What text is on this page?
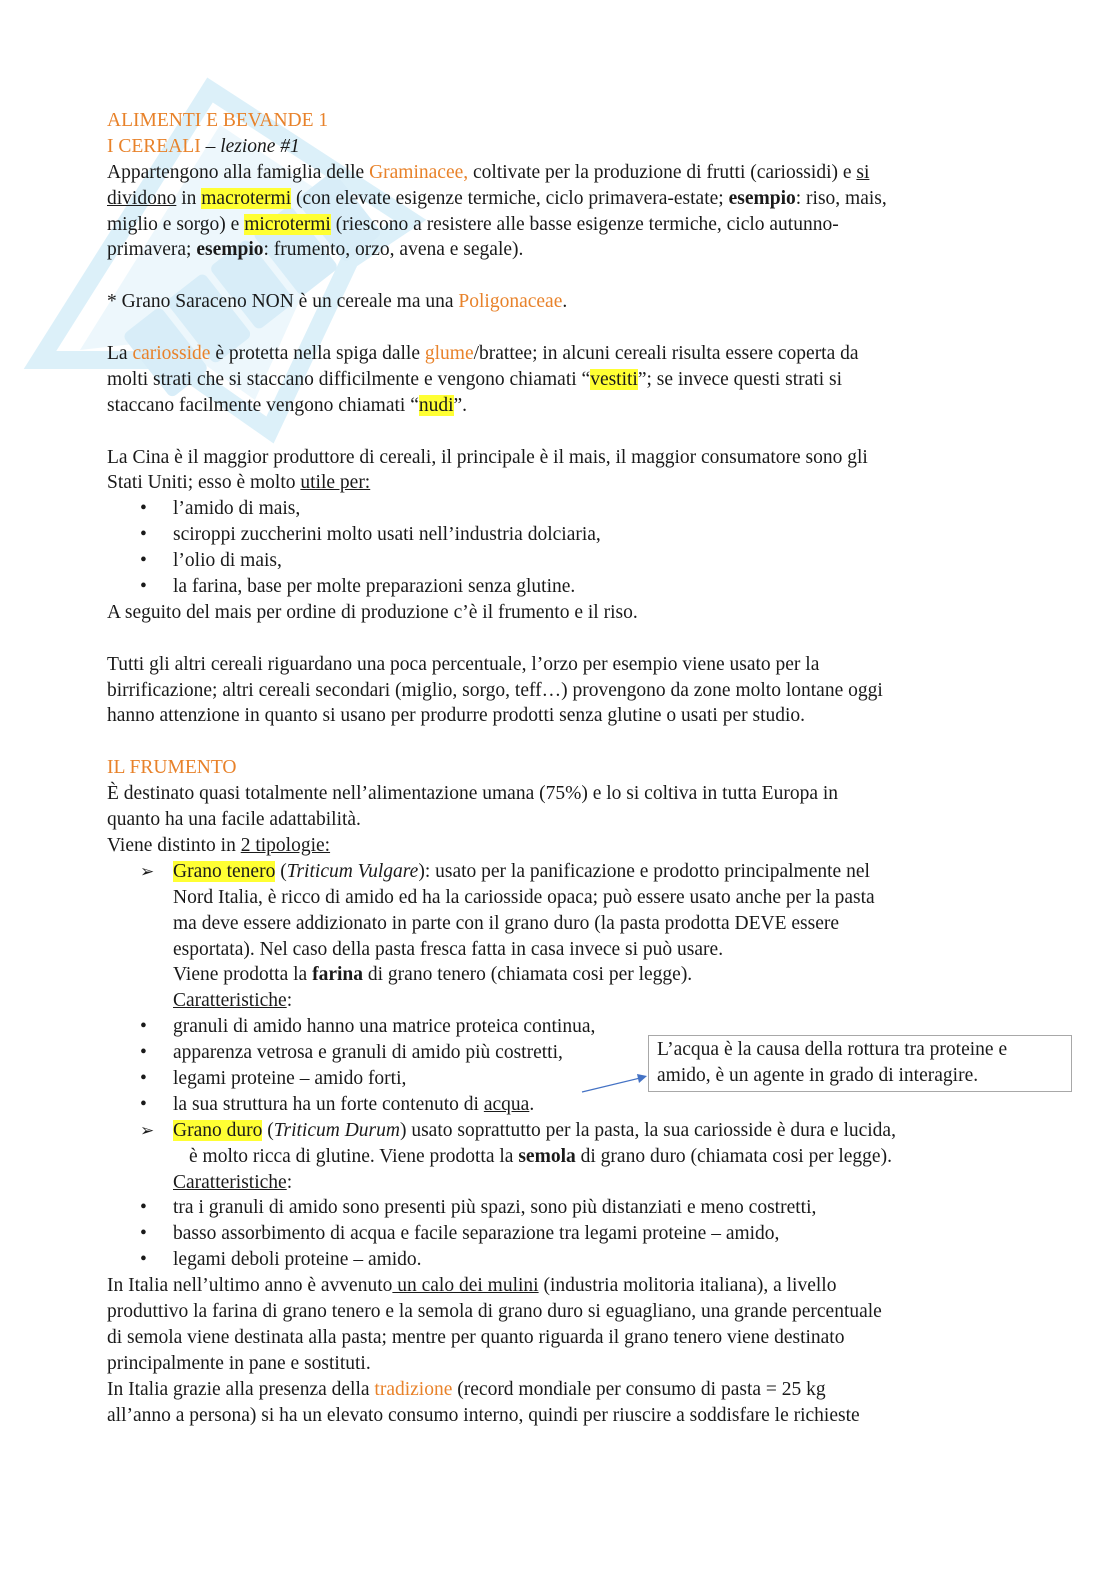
ALIMENTI E BEVANDE 1
I CEREALI – lezione #1
Appartengono alla famiglia delle Graminacee, coltivate per la produzione di frutti (cariossidi) e si
dividono in macrotermi (con elevate esigenze termiche, ciclo primavera-estate; esempio: riso, mais,
miglio e sorgo) e microtermi (riescono a resistere alle basse esigenze termiche, ciclo autunno-
primavera; esempio: frumento, orzo, avena e segale).
* Grano Saraceno NON è un cereale ma una Poligonaceae.
La cariosside è protetta nella spiga dalle glume/brattee; in alcuni cereali risulta essere coperta da
molti strati che si staccano difficilmente e vengono chiamati “vestiti”; se invece questi strati si
staccano facilmente vengono chiamati “nudi”.
La Cina è il maggior produttore di cereali, il principale è il mais, il maggior consumatore sono gli
Stati Uniti; esso è molto utile per:
• l’amido di mais,
• sciroppi zuccherini molto usati nell’industria dolciaria,
• l’olio di mais,
• la farina, base per molte preparazioni senza glutine.
A seguito del mais per ordine di produzione c’è il frumento e il riso.
Tutti gli altri cereali riguardano una poca percentuale, l’orzo per esempio viene usato per la
birrificazione; altri cereali secondari (miglio, sorgo, teff…) provengono da zone molto lontane oggi
hanno attenzione in quanto si usano per produrre prodotti senza glutine o usati per studio.
IL FRUMENTO
È destinato quasi totalmente nell’alimentazione umana (75%) e lo si coltiva in tutta Europa in
quanto ha una facile adattabilità.
Viene distinto in 2 tipologie:
➢ Grano tenero (Triticum Vulgare): usato per la panificazione e prodotto principalmente nel
Nord Italia, è ricco di amido ed ha la cariosside opaca; può essere usato anche per la pasta
ma deve essere addizionato in parte con il grano duro (la pasta prodotta DEVE essere
esportata). Nel caso della pasta fresca fatta in casa invece si può usare.
Viene prodotta la farina di grano tenero (chiamata cosi per legge).
Caratteristiche:
• granuli di amido hanno una matrice proteica continua,
• apparenza vetrosa e granuli di amido più costretti,
• legami proteine – amido forti,
• la sua struttura ha un forte contenuto di acqua.
➢ Grano duro (Triticum Durum) usato soprattutto per la pasta, la sua cariosside è dura e lucida,
è molto ricca di glutine. Viene prodotta la semola di grano duro (chiamata cosi per legge).
Caratteristiche:
• tra i granuli di amido sono presenti più spazi, sono più distanziati e meno costretti,
• basso assorbimento di acqua e facile separazione tra legami proteine – amido,
• legami deboli proteine – amido.
In Italia nell’ultimo anno è avvenuto un calo dei mulini (industria molitoria italiana), a livello
produttivo la farina di grano tenero e la semola di grano duro si eguagliano, una grande percentuale
di semola viene destinata alla pasta; mentre per quanto riguarda il grano tenero viene destinato
principalmente in pane e sostituti.
In Italia grazie alla presenza della tradizione (record mondiale per consumo di pasta = 25 kg
all’anno a persona) si ha un elevato consumo interno, quindi per riuscire a soddisfare le richieste
L’acqua è la causa della rottura tra proteine e
amido, è un agente in grado di interagire.
